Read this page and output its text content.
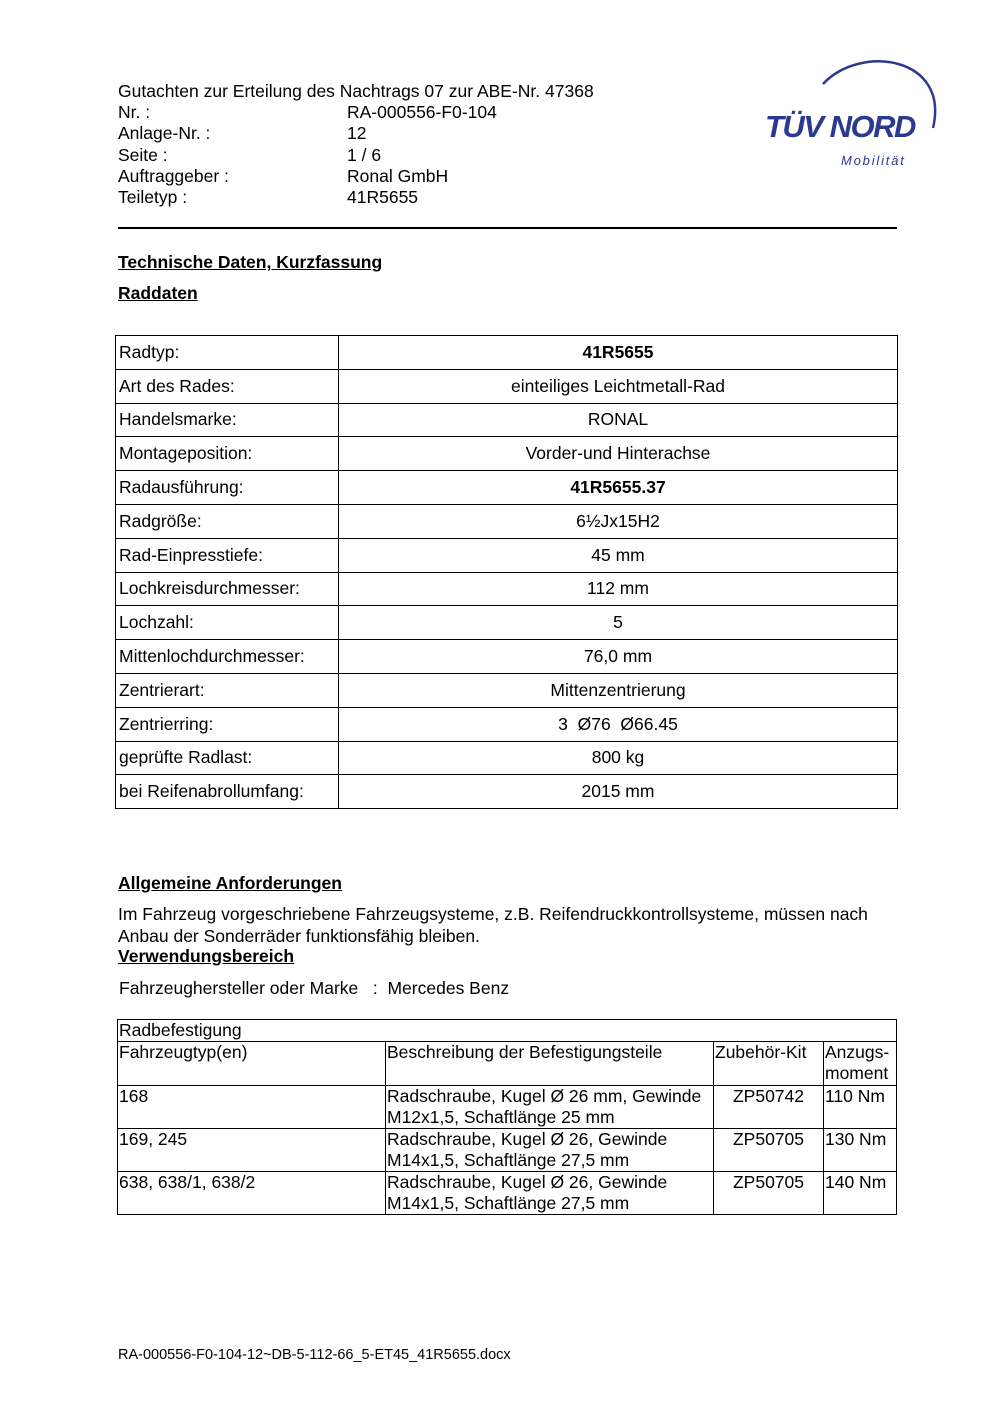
Gutachten zur Erteilung des Nachtrags 07 zur ABE-Nr. 47368
Nr. :	RA-000556-F0-104
Anlage-Nr. :	12
Seite :	1 / 6
Auftraggeber :	Ronal GmbH
Teiletyp :	41R5655
TÜV NORD
Mobilität
Technische Daten, Kurzfassung
Raddaten
Radtyp:	41R5655
Art des Rades:	einteiliges Leichtmetall-Rad
Handelsmarke:	RONAL
Montageposition:	Vorder-und Hinterachse
Radausführung:	41R5655.37
Radgröße:	6½Jx15H2
Rad-Einpresstiefe:	45 mm
Lochkreisdurchmesser:	112 mm
Lochzahl:	5
Mittenlochdurchmesser:	76,0 mm
Zentrierart:	Mittenzentrierung
Zentrierring:	3  Ø76  Ø66.45
geprüfte Radlast:	800 kg
bei Reifenabrollumfang:	2015 mm
Allgemeine Anforderungen
Im Fahrzeug vorgeschriebene Fahrzeugsysteme, z.B. Reifendruckkontrollsysteme, müssen nach Anbau der Sonderräder funktionsfähig bleiben.
Verwendungsbereich
Fahrzeughersteller oder Marke : Mercedes Benz
Radbefestigung			
Fahrzeugtyp(en)	Beschreibung der Befestigungsteile	Zubehör-Kit	Anzugs-moment
168	Radschraube, Kugel Ø 26 mm, Gewinde M12x1,5, Schaftlänge 25 mm	ZP50742	110 Nm
169, 245	Radschraube, Kugel Ø 26, Gewinde M14x1,5, Schaftlänge 27,5 mm	ZP50705	130 Nm
638, 638/1, 638/2	Radschraube, Kugel Ø 26, Gewinde M14x1,5, Schaftlänge 27,5 mm	ZP50705	140 Nm
RA-000556-F0-104-12~DB-5-112-66_5-ET45_41R5655.docx
